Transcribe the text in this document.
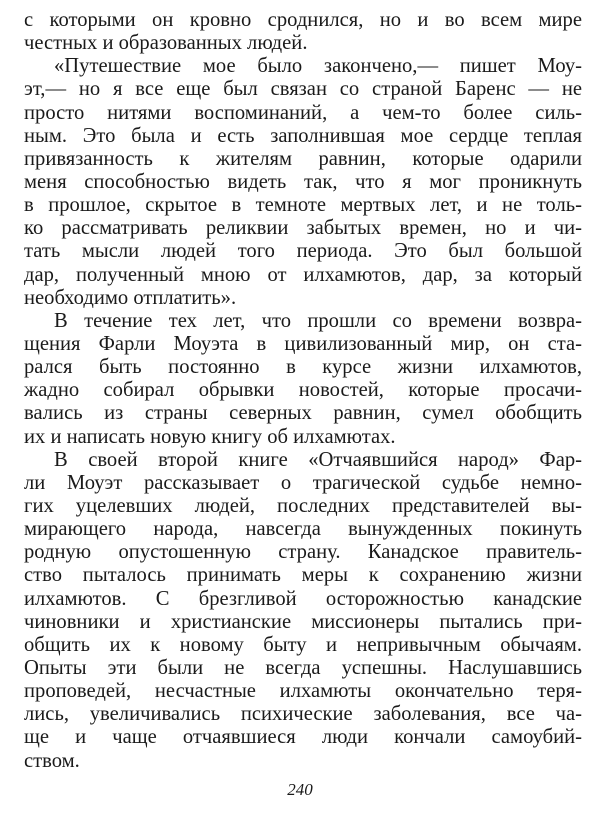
с которыми он кровно сроднился, но и во всем мире
честных и образованных людей.
«Путешествие мое было закончено,— пишет Моу-
эт,— но я все еще был связан со страной Баренс — не
просто нитями воспоминаний, а чем-то более силь-
ным. Это была и есть заполнившая мое сердце теплая
привязанность к жителям равнин, которые одарили
меня способностью видеть так, что я мог проникнуть
в прошлое, скрытое в темноте мертвых лет, и не толь-
ко рассматривать реликвии забытых времен, но и чи-
тать мысли людей того периода. Это был большой
дар, полученный мною от илхамютов, дар, за который
необходимо отплатить».
В течение тех лет, что прошли со времени возвра-
щения Фарли Моуэта в цивилизованный мир, он ста-
рался быть постоянно в курсе жизни илхамютов,
жадно собирал обрывки новостей, которые просачи-
вались из страны северных равнин, сумел обобщить
их и написать новую книгу об илхамютах.
В своей второй книге «Отчаявшийся народ» Фар-
ли Моуэт рассказывает о трагической судьбе немно-
гих уцелевших людей, последних представителей вы-
мирающего народа, навсегда вынужденных покинуть
родную опустошенную страну. Канадское правитель-
ство пыталось принимать меры к сохранению жизни
илхамютов. С брезгливой осторожностью канадские
чиновники и христианские миссионеры пытались при-
общить их к новому быту и непривычным обычаям.
Опыты эти были не всегда успешны. Наслушавшись
проповедей, несчастные илхамюты окончательно теря-
лись, увеличивались психические заболевания, все ча-
ще и чаще отчаявшиеся люди кончали самоубий-
ством.
240
